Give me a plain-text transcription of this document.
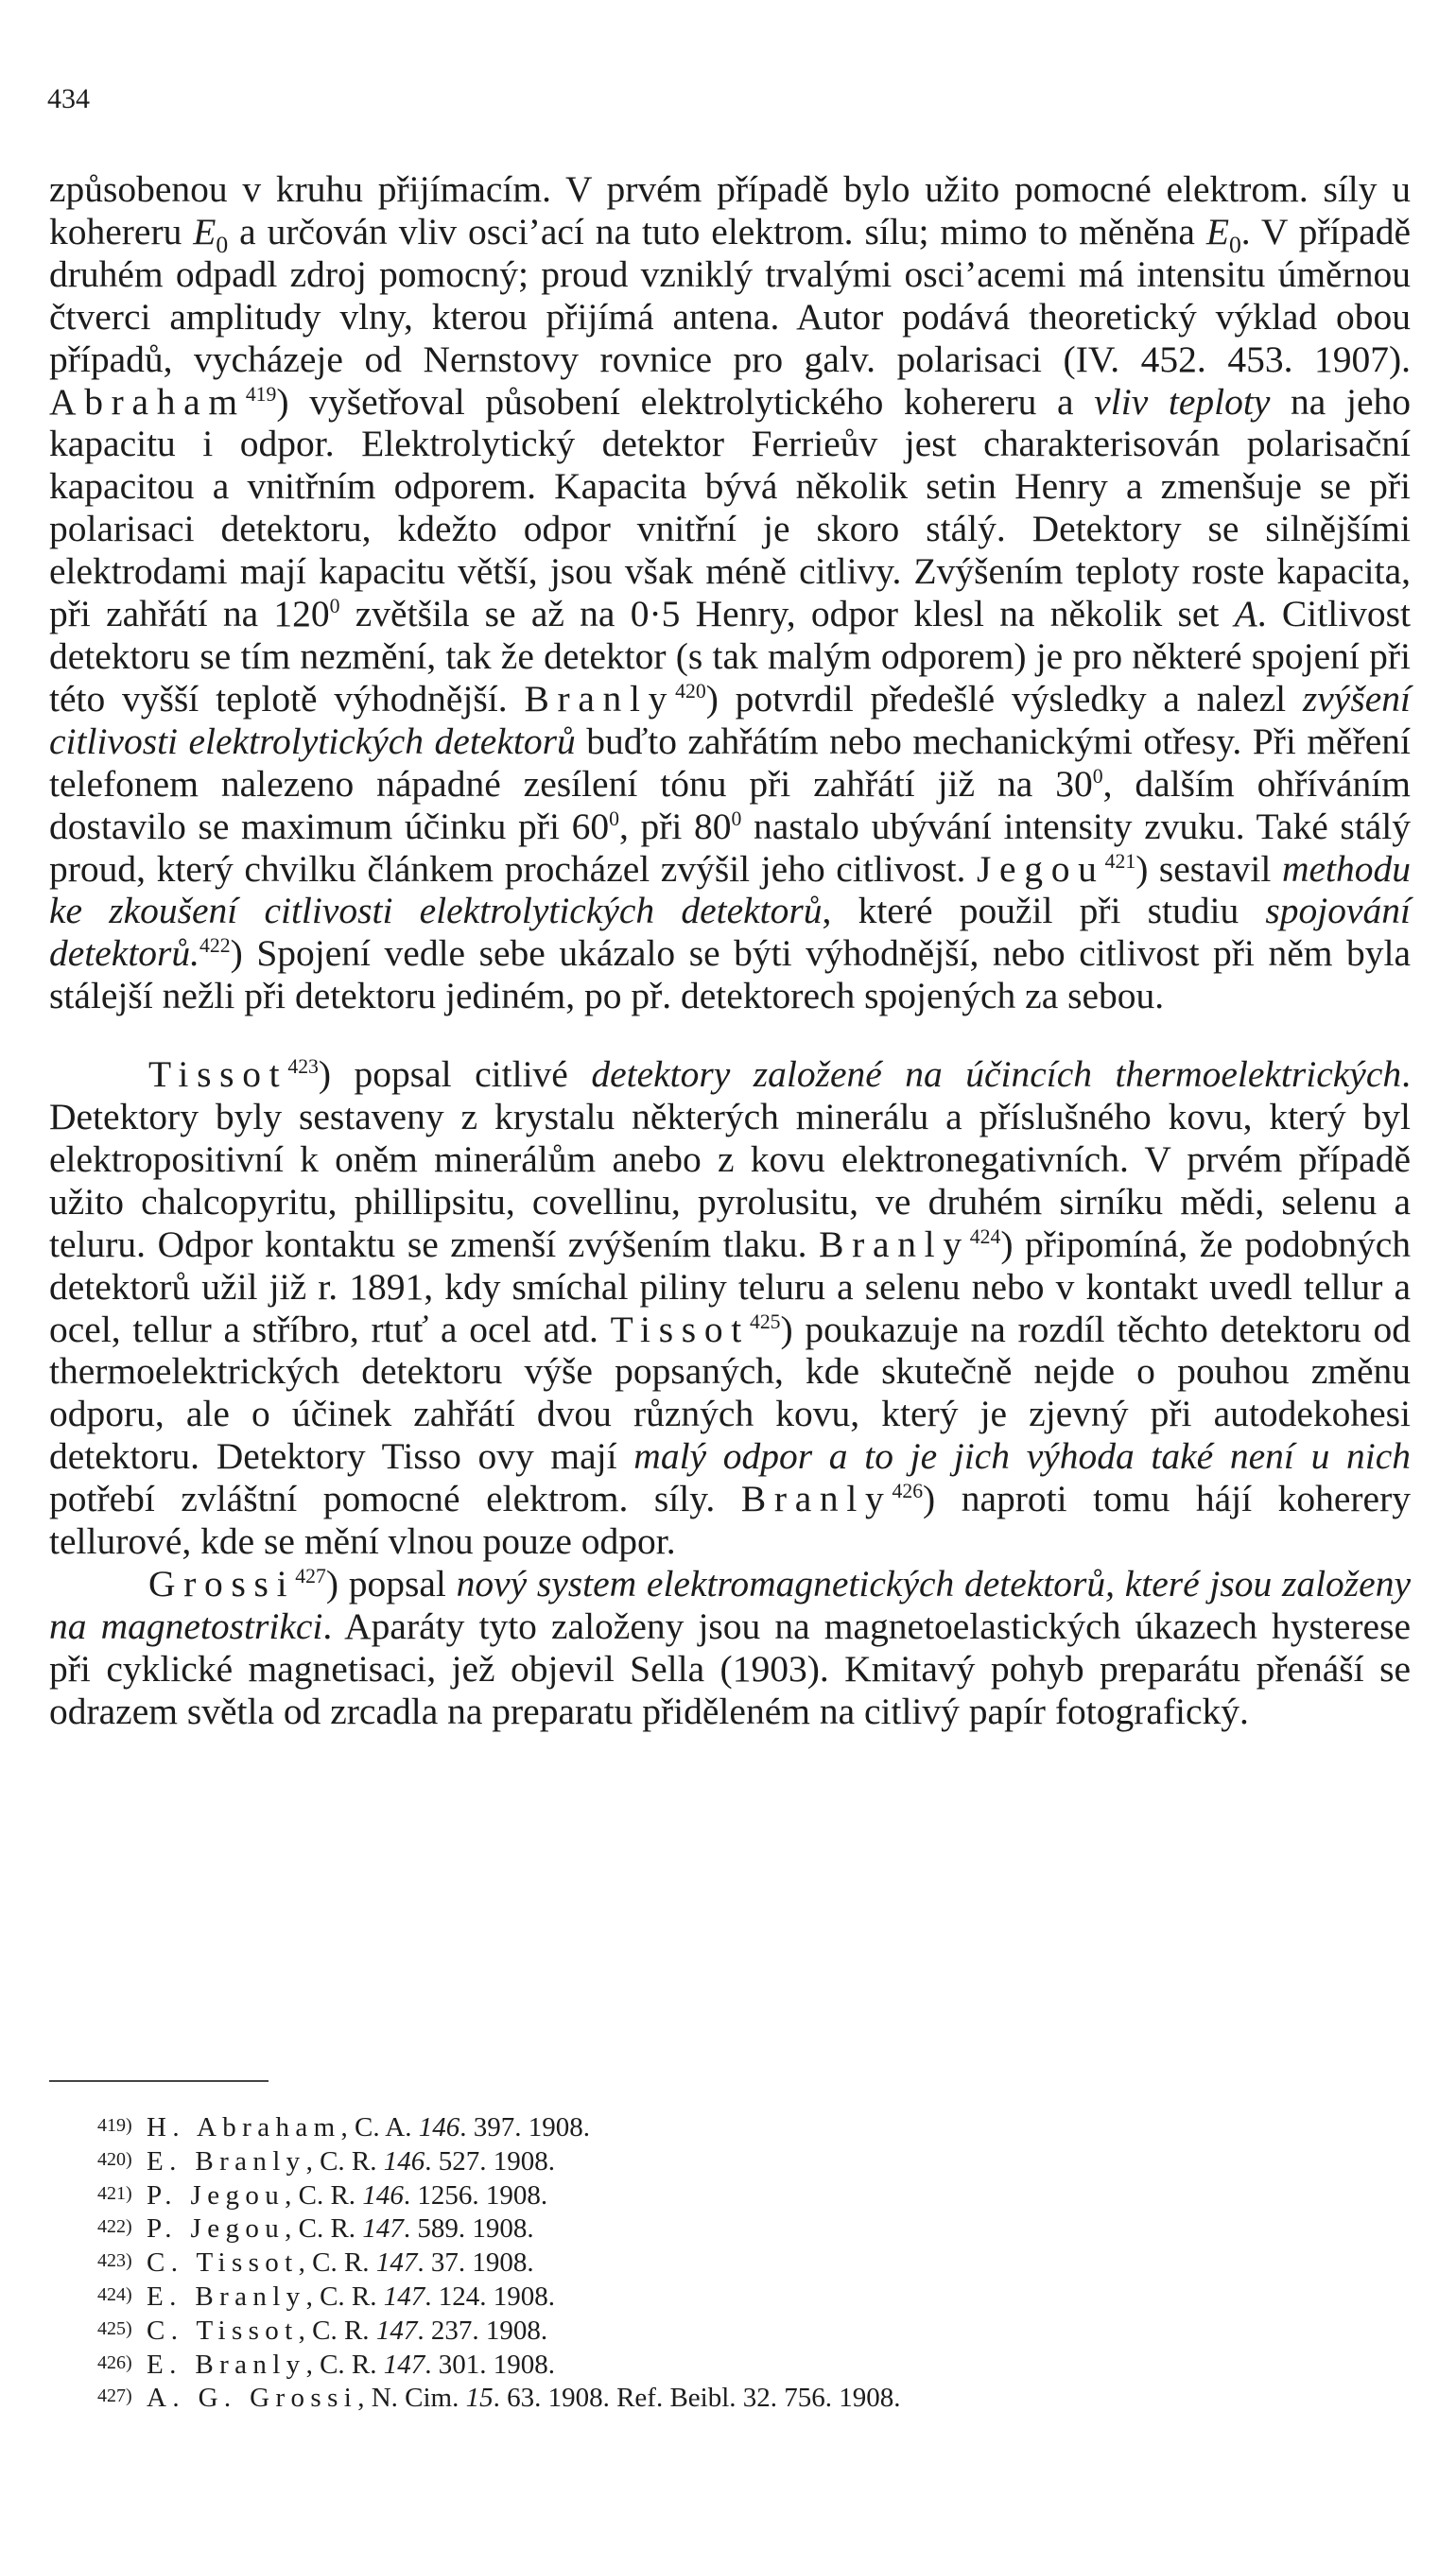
434

způsobenou v kruhu přijímacím. V prvém případě bylo užito pomocné elektrom. síly u kohereru $E_0$ a určován vliv osci’ací na tuto elektrom. sílu; mimo to měněna $E_0$. V případě druhém odpadl zdroj pomocný; proud vzniklý trvalými osci’acemi má intensitu úměrnou čtverci amplitudy vlny, kterou přijímá antena. Autor podává theoretický výklad obou případů, vycházeje od Nernstovy rovnice pro galv. polarisaci (IV. 452. 453. 1907). Abraham$^{419}$) vyšetřoval působení elektrolytického kohereru a vliv teploty na jeho kapacitu i odpor. Elektrolytický detektor Ferrieův jest charakterisován polarisační kapacitou a vnitřním odporem. Kapacita bývá několik setin Henry a zmenšuje se při polarisaci detektoru, kdežto odpor vnitřní je skoro stálý. Detektory se silnějšími elektrodami mají kapacitu větší, jsou však méně citlivy. Zvýšením teploty roste kapacita, při zahřátí na $120^0$ zvětšila se až na 0·5 Henry, odpor klesl na několik set A. Citlivost detektoru se tím nezmění, tak že detektor (s tak malým odporem) je pro některé spojení při této vyšší teplotě výhodnější. Branly$^{420}$) potvrdil předešlé výsledky a nalezl zvýšení citlivosti elektrolytických detektorů buďto zahřátím nebo mechanickými otřesy. Při měření telefonem nalezeno nápadné zesílení tónu při zahřátí již na $30^0$, dalším ohříváním dostavilo se maximum účinku při $60^0$, při $80^0$ nastalo ubývání intensity zvuku. Také stálý proud, který chvilku článkem procházel zvýšil jeho citlivost. Jegou$^{421}$) sestavil methodu ke zkoušení citlivosti elektrolytických detektorů, které použil při studiu spojování detektorů.$^{422}$) Spojení vedle sebe ukázalo se býti výhodnější, nebo citlivost při něm byla stálejší nežli při detektoru jediném, po př. detektorech spojených za sebou.

Tissot$^{423}$) popsal citlivé detektory založené na účincích thermoelektrických. Detektory byly sestaveny z krystalu některých minerálu a příslušného kovu, který byl elektropositivní k oněm minerálům anebo z kovu elektronegativních. V prvém případě užito chalcopyritu, phillipsitu, covellinu, pyrolusitu, ve druhém sirníku mědi, selenu a teluru. Odpor kontaktu se zmenší zvýšením tlaku. Branly$^{424}$) připomíná, že podobných detektorů užil již r. 1891, kdy smíchal piliny teluru a selenu nebo v kontakt uvedl tellur a ocel, tellur a stříbro, rtuť a ocel atd. Tissot$^{425}$) poukazuje na rozdíl těchto detektoru od thermoelektrických detektoru výše popsaných, kde skutečně nejde o pouhou změnu odporu, ale o účinek zahřátí dvou různých kovu, který je zjevný při autodekohesi detektoru. Detektory Tisso ovy mají malý odpor a to je jich výhoda také není u nich potřebí zvláštní pomocné elektrom. síly. Branly$^{426}$) naproti tomu hájí koherery tellurové, kde se mění vlnou pouze odpor.

Grossi$^{427}$) popsal nový system elektromagnetických detektorů, které jsou založeny na magnetostrikci. Aparáty tyto založeny jsou na magnetoelastických úkazech hysterese při cyklické magnetisaci, jež objevil Sella (1903). Kmitavý pohyb preparátu přenáší se odrazem světla od zrcadla na preparatu přiděleném na citlivý papír fotografický.

419) H. Abraham, C. A. 146. 397. 1908.
420) E. Branly, C. R. 146. 527. 1908.
421) P. Jegou, C. R. 146. 1256. 1908.
422) P. Jegou, C. R. 147. 589. 1908.
423) C. Tissot, C. R. 147. 37. 1908.
424) E. Branly, C. R. 147. 124. 1908.
425) C. Tissot, C. R. 147. 237. 1908.
426) E. Branly, C. R. 147. 301. 1908.
427) A. G. Grossi, N. Cim. 15. 63. 1908. Ref. Beibl. 32. 756. 1908.
